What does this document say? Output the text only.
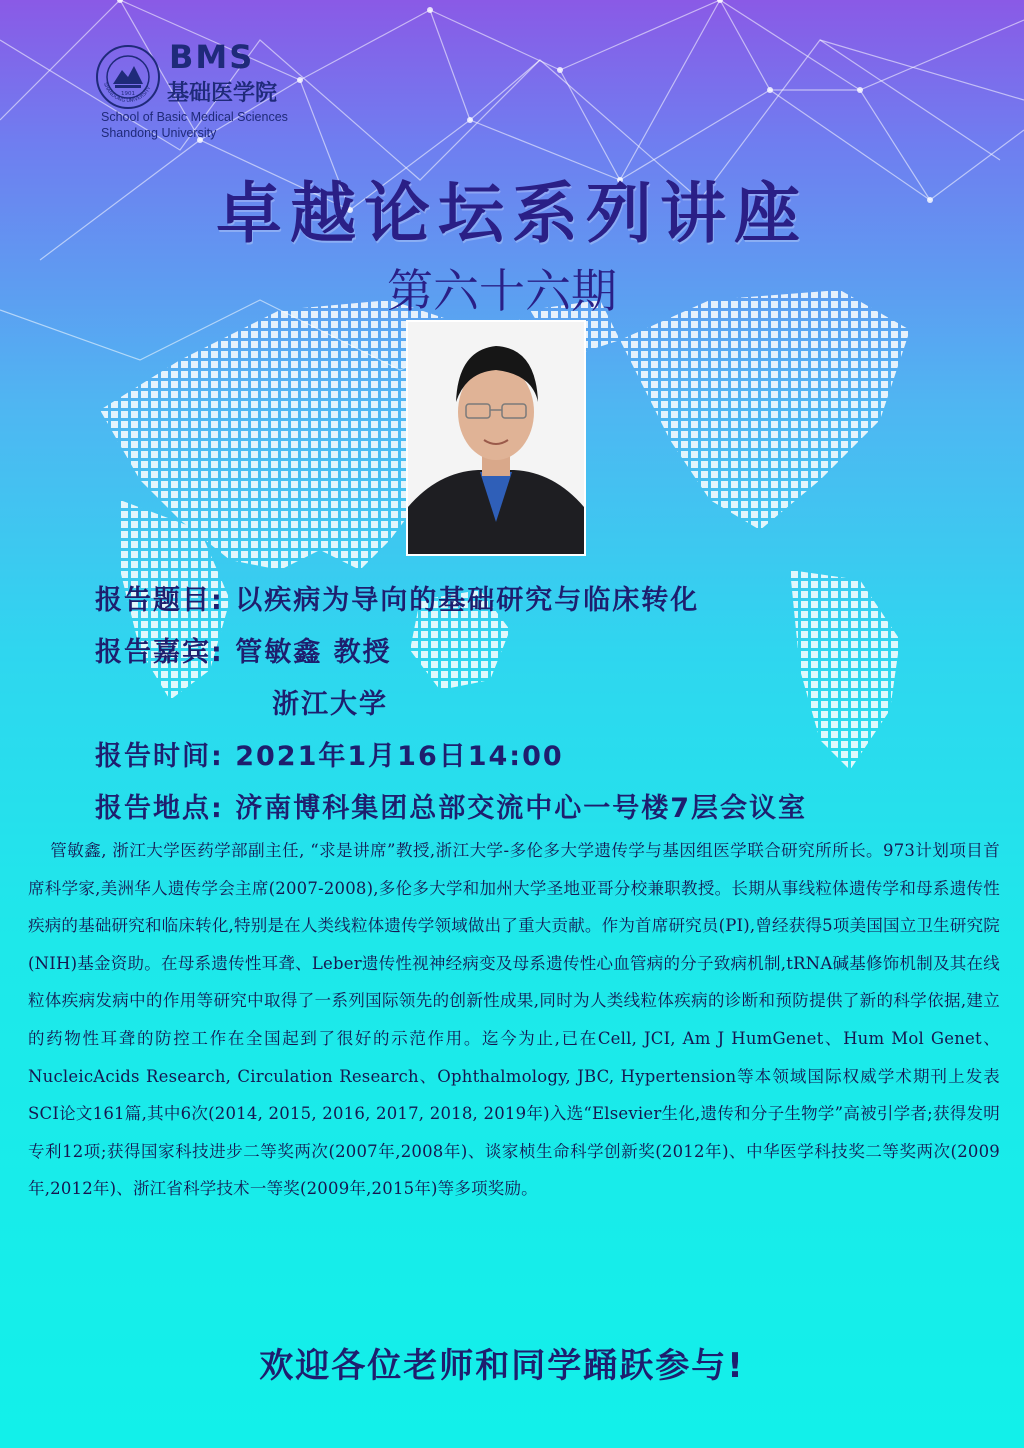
1901
SHANDONG UNIVERSITY
BMS
基础医学院
School of Basic Medical Sciences
Shandong University
卓越论坛系列讲座
第六十六期
报告题目: 以疾病为导向的基础研究与临床转化
报告嘉宾: 管敏鑫 教授
浙江大学
报告时间: 2021年1月16日14:00
报告地点: 济南博科集团总部交流中心一号楼7层会议室
管敏鑫, 浙江大学医药学部副主任, “求是讲席”教授,浙江大学-多伦多大学遗传学与基因组医学联合研究所所长。973计划项目首席科学家,美洲华人遗传学会主席(2007-2008),多伦多大学和加州大学圣地亚哥分校兼职教授。长期从事线粒体遗传学和母系遗传性疾病的基础研究和临床转化,特别是在人类线粒体遗传学领域做出了重大贡献。作为首席研究员(PI),曾经获得5项美国国立卫生研究院(NIH)基金资助。在母系遗传性耳聋、Leber遗传性视神经病变及母系遗传性心血管病的分子致病机制,tRNA碱基修饰机制及其在线粒体疾病发病中的作用等研究中取得了一系列国际领先的创新性成果,同时为人类线粒体疾病的诊断和预防提供了新的科学依据,建立的药物性耳聋的防控工作在全国起到了很好的示范作用。迄今为止,已在Cell, JCI, Am J HumGenet、Hum Mol Genet、NucleicAcids Research, Circulation Research、Ophthalmology, JBC, Hypertension等本领域国际权威学术期刊上发表SCI论文161篇,其中6次(2014, 2015, 2016, 2017, 2018, 2019年)入选“Elsevier生化,遗传和分子生物学”高被引学者;获得发明专利12项;获得国家科技进步二等奖两次(2007年,2008年)、谈家桢生命科学创新奖(2012年)、中华医学科技奖二等奖两次(2009年,2012年)、浙江省科学技术一等奖(2009年,2015年)等多项奖励。
欢迎各位老师和同学踊跃参与!
